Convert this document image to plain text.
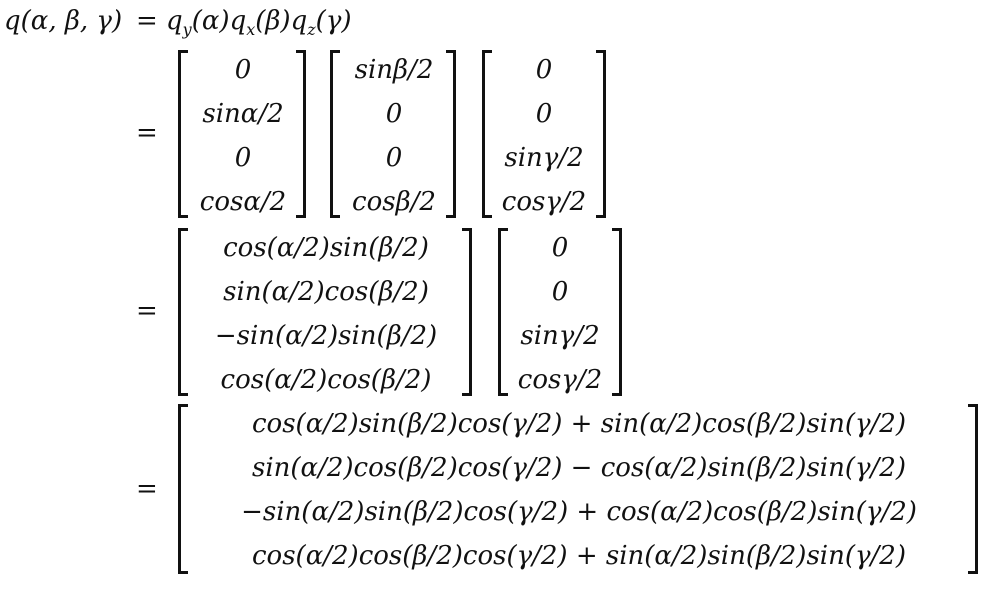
q(α, β, $\gamma) = q_y(\alpha)q_x(\beta)q_z(\gamma)$
=
0
sinα/2
0
cosα/2
sinβ/2
0
0
cosβ/2
0
0
sinγ/2
cosγ/2
=
cos(α/2)sin(β/2)
sin(α/2)cos(β/2)
−sin(α/2)sin(β/2)
cos(α/2)cos(β/2)
0
0
sinγ/2
cosγ/2
=
cos(α/2)sin(β/2)cos(γ/2) + sin(α/2)cos(β/2)sin(γ/2)
sin(α/2)cos(β/2)cos(γ/2) − cos(α/2)sin(β/2)sin(γ/2)
−sin(α/2)sin(β/2)cos(γ/2) + cos(α/2)cos(β/2)sin(γ/2)
cos(α/2)cos(β/2)cos(γ/2) + sin(α/2)sin(β/2)sin(γ/2)
